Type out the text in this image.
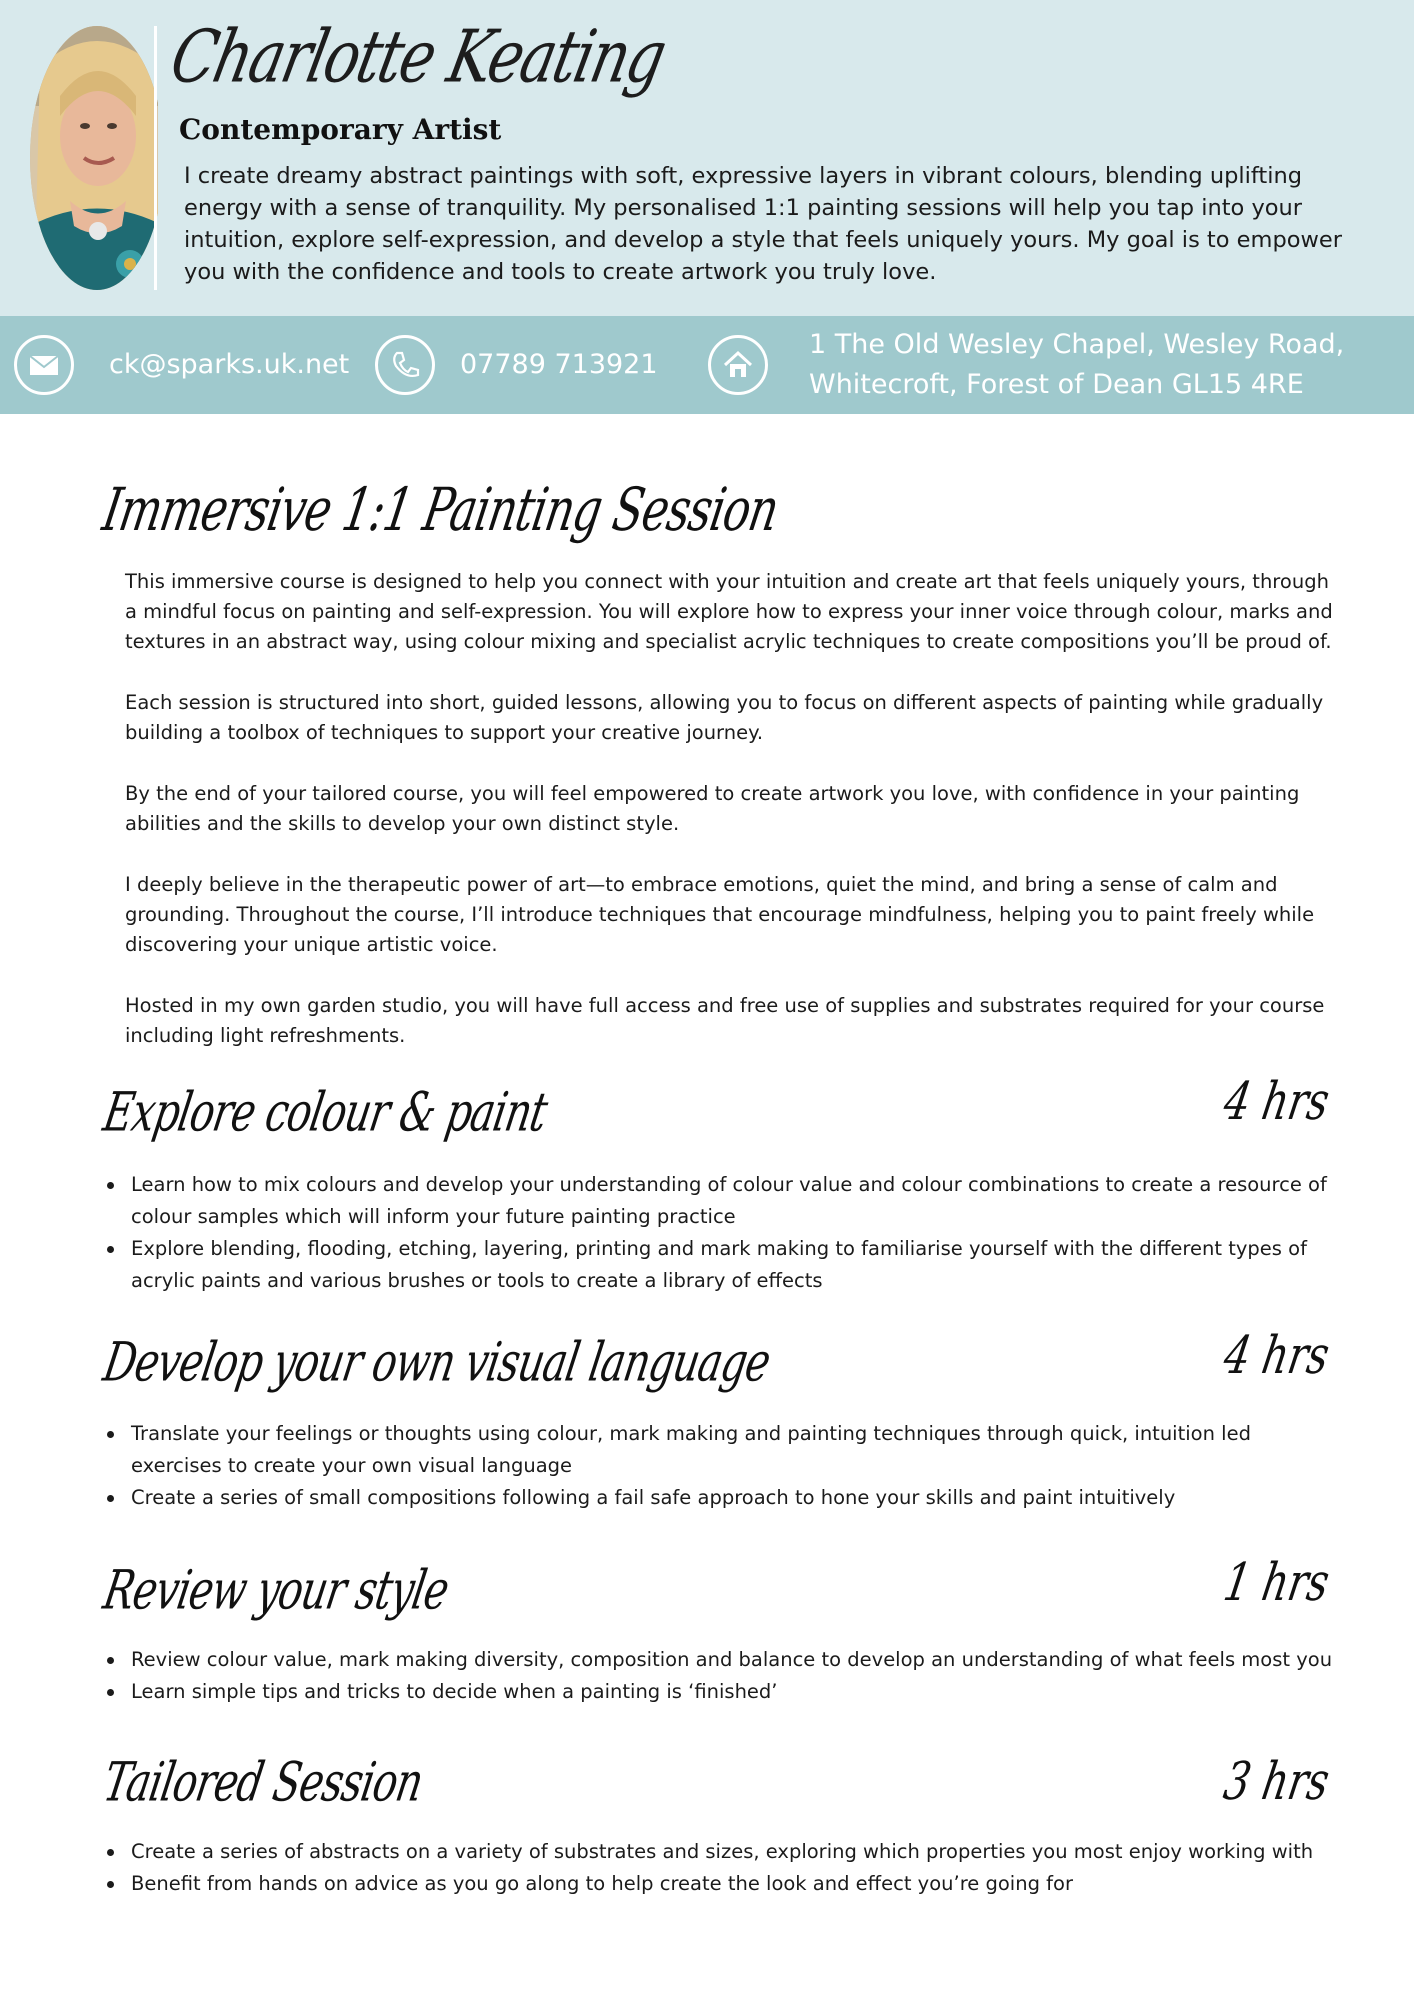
Charlotte Keating
Contemporary Artist
I create dreamy abstract paintings with soft, expressive layers in vibrant colours, blending uplifting energy with a sense of tranquility. My personalised 1:1 painting sessions will help you tap into your intuition, explore self-expression, and develop a style that feels uniquely yours. My goal is to empower you with the confidence and tools to create artwork you truly love.
ck@sparks.uk.net	07789 713921
1 The Old Wesley Chapel, Wesley Road,
Whitecroft, Forest of Dean GL15 4RE
Immersive 1:1 Painting Session

This immersive course is designed to help you connect with your intuition and create art that feels uniquely yours, through a mindful focus on painting and self-expression. You will explore how to express your inner voice through colour, marks and textures in an abstract way, using colour mixing and specialist acrylic techniques to create compositions you’ll be proud of.

Each session is structured into short, guided lessons, allowing you to focus on different aspects of painting while gradually building a toolbox of techniques to support your creative journey.

By the end of your tailored course, you will feel empowered to create artwork you love, with confidence in your painting abilities and the skills to develop your own distinct style.

I deeply believe in the therapeutic power of art—to embrace emotions, quiet the mind, and bring a sense of calm and grounding. Throughout the course, I’ll introduce techniques that encourage mindfulness, helping you to paint freely while discovering your unique artistic voice.

Hosted in my own garden studio, you will have full access and free use of supplies and substrates required for your course including light refreshments.

Explore colour & paint	4 hrs
Learn how to mix colours and develop your understanding of colour value and colour combinations to create a resource of colour samples which will inform your future painting practice
Explore blending, flooding, etching, layering, printing and mark making to familiarise yourself with the different types of acrylic paints and various brushes or tools to create a library of effects
Develop your own visual language	4 hrs
Translate your feelings or thoughts using colour, mark making and painting techniques through quick, intuition led exercises to create your own visual language
Create a series of small compositions following a fail safe approach to hone your skills and paint intuitively
Review your style	1 hrs
Review colour value, mark making diversity, composition and balance to develop an understanding of what feels most you
Learn simple tips and tricks to decide when a painting is ‘finished’
Tailored Session	3 hrs
Create a series of abstracts on a variety of substrates and sizes, exploring which properties you most enjoy working with
Benefit from hands on advice as you go along to help create the look and effect you’re going for
